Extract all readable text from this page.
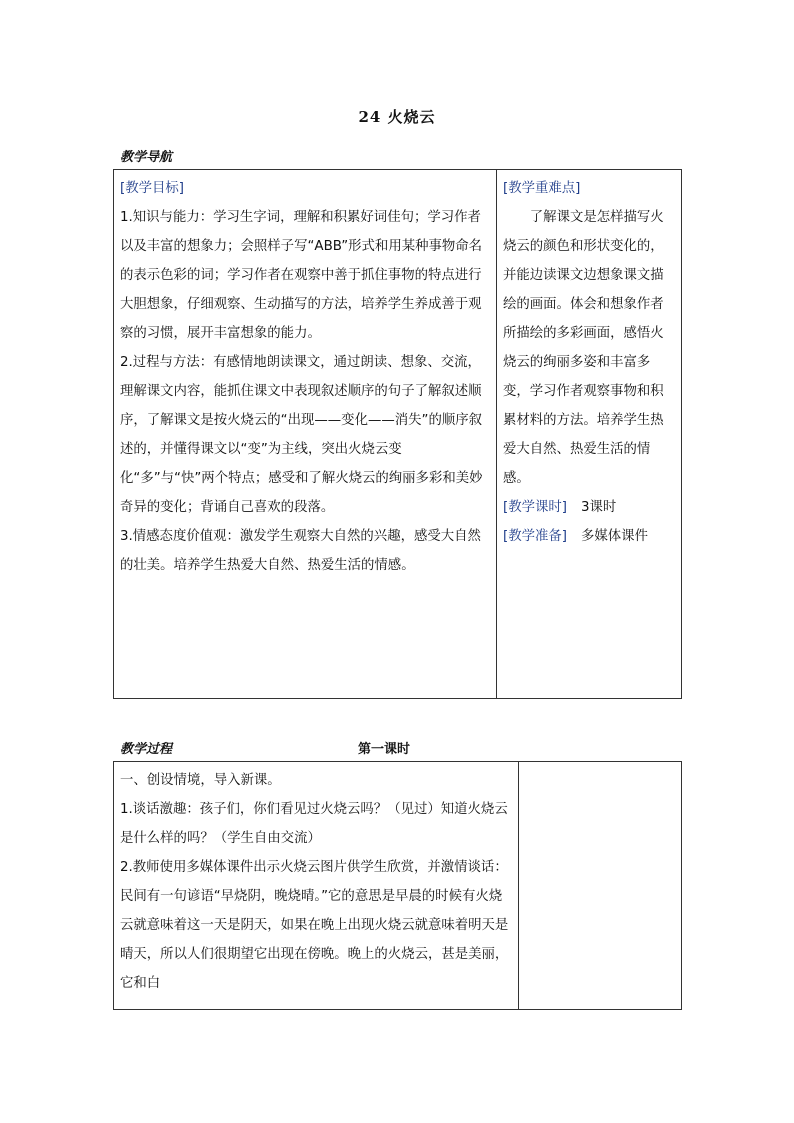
24 火烧云
教学导航
[教学目标]

1.知识与能力：学习生字词，理解和积累好词佳句；学习作者以及丰富的想象力；会照样子写“ABB”形式和用某种事物命名的表示色彩的词；学习作者在观察中善于抓住事物的特点进行大胆想象，仔细观察、生动描写的方法，培养学生养成善于观察的习惯，展开丰富想象的能力。

2.过程与方法：有感情地朗读课文，通过朗读、想象、交流，理解课文内容，能抓住课文中表现叙述顺序的句子了解叙述顺序，了解课文是按火烧云的“出现——变化——消失”的顺序叙述的，并懂得课文以“变”为主线，突出火烧云变化“多”与“快”两个特点；感受和了解火烧云的绚丽多彩和美妙奇异的变化；背诵自己喜欢的段落。

3.情感态度价值观：激发学生观察大自然的兴趣，感受大自然的壮美。培养学生热爱大自然、热爱生活的情感。

[教学重难点]

了解课文是怎样描写火烧云的颜色和形状变化的，并能边读课文边想象课文描绘的画面。体会和想象作者所描绘的多彩画面，感悟火烧云的绚丽多姿和丰富多变，学习作者观察事物和积累材料的方法。培养学生热爱大自然、热爱生活的情感。

[教学课时] 3课时

[教学准备] 多媒体课件

教学过程	第一课时

一、创设情境，导入新课。

1.谈话激趣：孩子们，你们看见过火烧云吗？（见过）知道火烧云是什么样的吗？（学生自由交流）

2.教师使用多媒体课件出示火烧云图片供学生欣赏，并激情谈话：民间有一句谚语“早烧阴，晚烧晴。”它的意思是早晨的时候有火烧云就意味着这一天是阴天，如果在晚上出现火烧云就意味着明天是晴天，所以人们很期望它出现在傍晚。晚上的火烧云，甚是美丽，它和白
